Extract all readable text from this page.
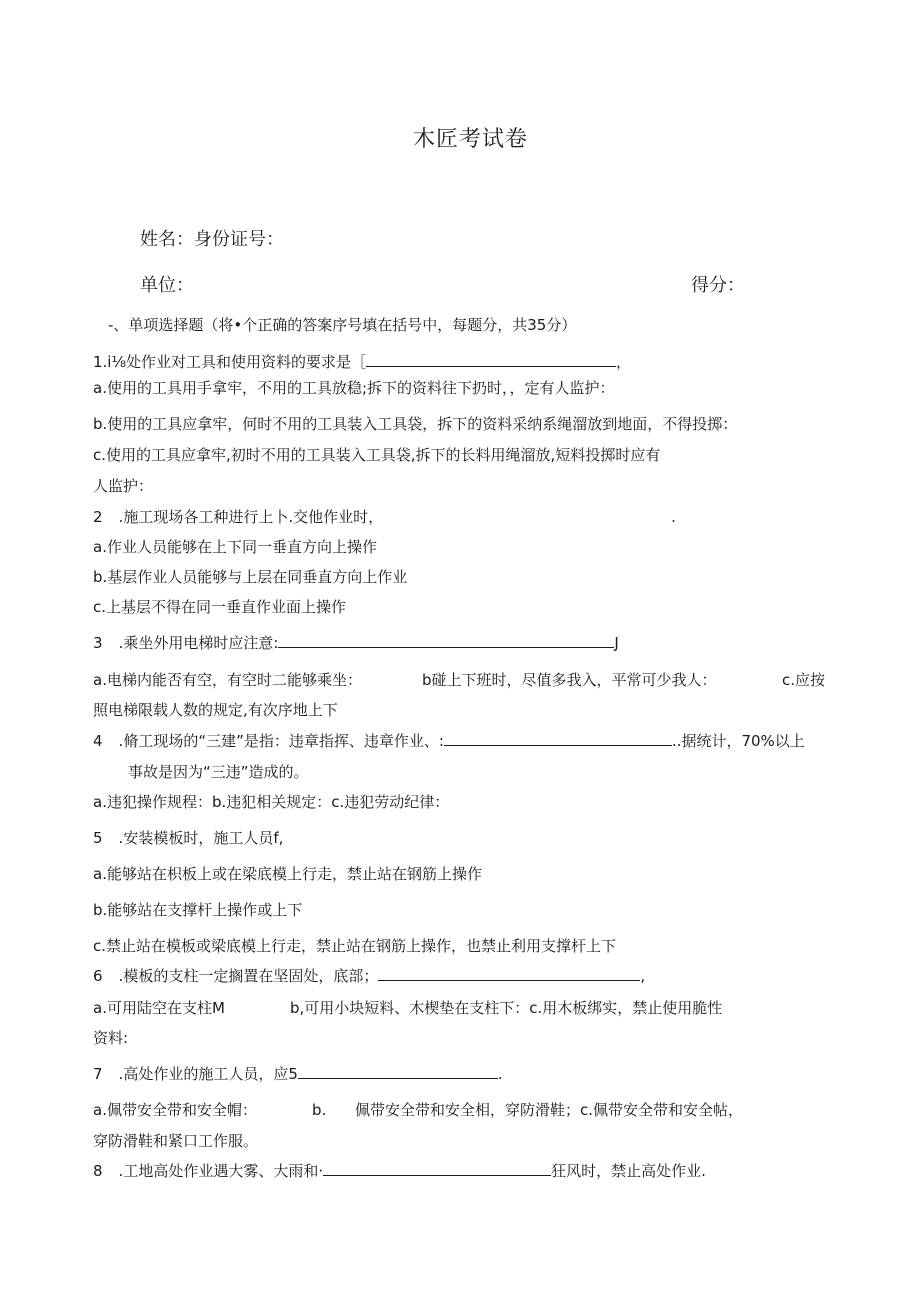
木匠考试卷
姓名：身份证号：
单位：	得分：
-、单项选择题（将•个正确的答案序号填在括号中，每题分，共35分）
1.i⅛处作业对工具和使用资料的要求是［	，
a.使用的工具用手拿牢，不用的工具放稳;拆下的资料往下扔时，，定有人监护：
b.使用的工具应拿牢，何时不用的工具装入工具袋，拆下的资料采纳系绳溜放到地面，不得投掷：
c.使用的工具应拿牢,初时不用的工具装入工具袋,拆下的长料用绳溜放,短料投掷时应有
人监护：
2 .施工现场各工种进行上卜.交他作业时，	.
a.作业人员能够在上下同一垂直方向上操作
b.基层作业人员能够与上层在同垂直方向上作业
c.上基层不得在同一垂直作业面上操作
3 .乘坐外用电梯时应注意:	J
a.电梯内能否有空，有空时二能够乘坐：	b碰上下班时，尽值多我入，平常可少我人：	c.应按
照电梯限载人数的规定,有次序地上下
4 .脩工现场的“三建”是指：违章指挥、违章作业、:	..据统计，70%以上
事故是因为“三违”造成的。
a.违犯操作规程：b.违犯相关规定：c.违犯劳动纪律：
5 .安装模板时，施工人员f,
a.能够站在枳板上或在梁底模上行走，禁止站在钢筋上操作
b.能够站在支撑杆上操作或上下
c.禁止站在模板或梁底模上行走，禁止站在钢筋上操作，也禁止利用支撑杆上下
6 .模板的支柱一定搁置在坚固处，底部；	,
a.可用陆空在支柱M	b,可用小块短料、木楔垫在支柱下：c.用木板绑实，禁止使用脆性
资料:
7 .高处作业的施工人员，应5	.
a.佩带安全带和安全帽：	b. 佩带安全带和安全相，穿防滑鞋；c.佩带安全带和安全帖，
穿防滑鞋和紧口工作服。
8 .工地高处作业遇大雾、大雨和·	狂风时，禁止高处作业.
